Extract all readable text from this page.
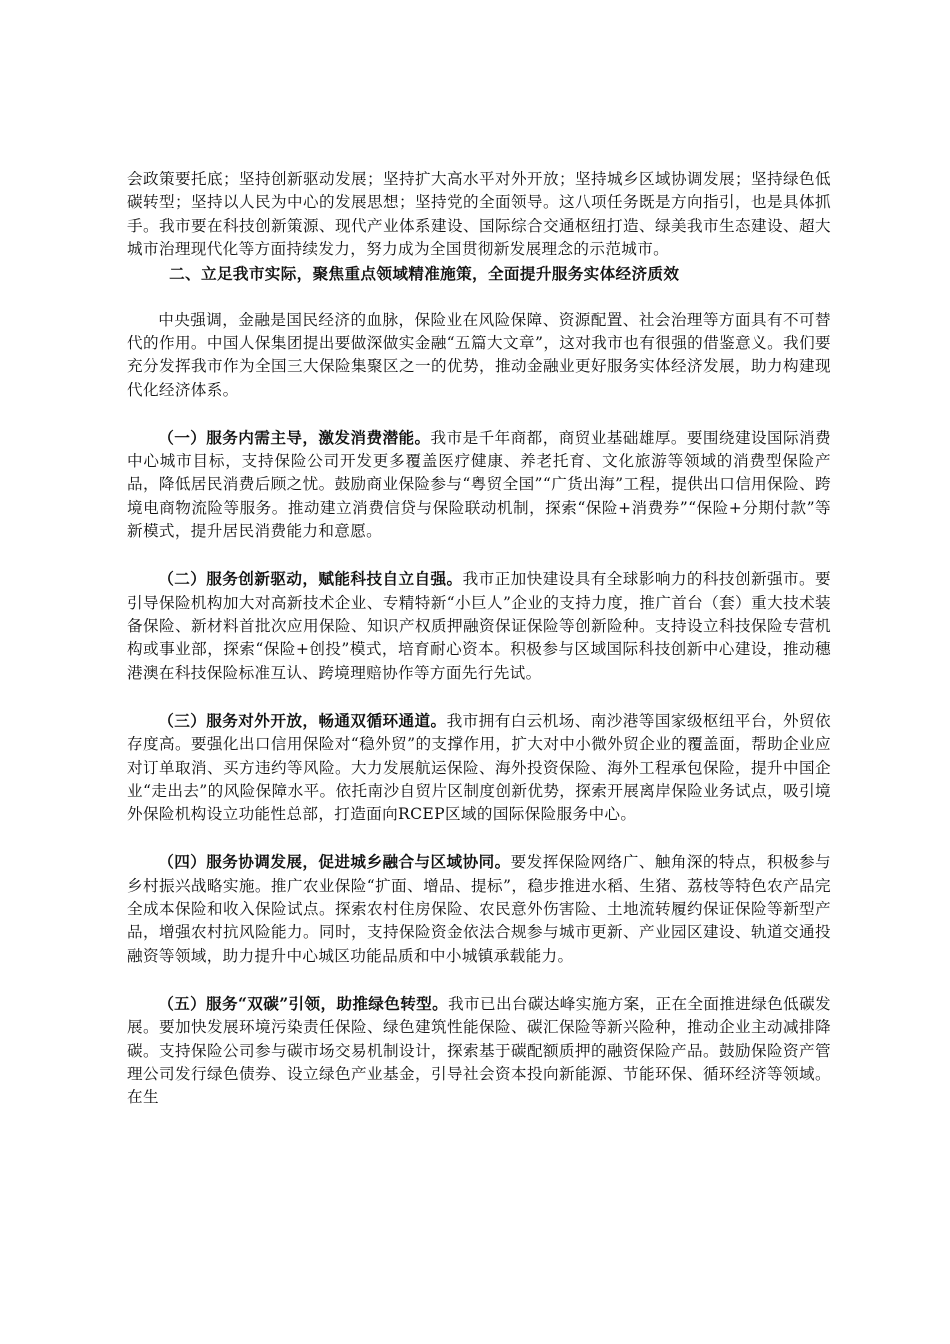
会政策要托底；坚持创新驱动发展；坚持扩大高水平对外开放；坚持城乡区域协调发展；坚持绿色低碳转型；坚持以人民为中心的发展思想；坚持党的全面领导。这八项任务既是方向指引，也是具体抓手。我市要在科技创新策源、现代产业体系建设、国际综合交通枢纽打造、绿美我市生态建设、超大城市治理现代化等方面持续发力，努力成为全国贯彻新发展理念的示范城市。

二、立足我市实际，聚焦重点领域精准施策，全面提升服务实体经济质效

中央强调，金融是国民经济的血脉，保险业在风险保障、资源配置、社会治理等方面具有不可替代的作用。中国人保集团提出要做深做实金融“五篇大文章”，这对我市也有很强的借鉴意义。我们要充分发挥我市作为全国三大保险集聚区之一的优势，推动金融业更好服务实体经济发展，助力构建现代化经济体系。

（一）服务内需主导，激发消费潜能。我市是千年商都，商贸业基础雄厚。要围绕建设国际消费中心城市目标，支持保险公司开发更多覆盖医疗健康、养老托育、文化旅游等领域的消费型保险产品，降低居民消费后顾之忧。鼓励商业保险参与“粤贸全国”“广货出海”工程，提供出口信用保险、跨境电商物流险等服务。推动建立消费信贷与保险联动机制，探索“保险+消费券”“保险+分期付款”等新模式，提升居民消费能力和意愿。

（二）服务创新驱动，赋能科技自立自强。我市正加快建设具有全球影响力的科技创新强市。要引导保险机构加大对高新技术企业、专精特新“小巨人”企业的支持力度，推广首台（套）重大技术装备保险、新材料首批次应用保险、知识产权质押融资保证保险等创新险种。支持设立科技保险专营机构或事业部，探索“保险+创投”模式，培育耐心资本。积极参与区域国际科技创新中心建设，推动穗港澳在科技保险标准互认、跨境理赔协作等方面先行先试。

（三）服务对外开放，畅通双循环通道。我市拥有白云机场、南沙港等国家级枢纽平台，外贸依存度高。要强化出口信用保险对“稳外贸”的支撑作用，扩大对中小微外贸企业的覆盖面，帮助企业应对订单取消、买方违约等风险。大力发展航运保险、海外投资保险、海外工程承包保险，提升中国企业“走出去”的风险保障水平。依托南沙自贸片区制度创新优势，探索开展离岸保险业务试点，吸引境外保险机构设立功能性总部，打造面向RCEP区域的国际保险服务中心。

（四）服务协调发展，促进城乡融合与区域协同。要发挥保险网络广、触角深的特点，积极参与乡村振兴战略实施。推广农业保险“扩面、增品、提标”，稳步推进水稻、生猪、荔枝等特色农产品完全成本保险和收入保险试点。探索农村住房保险、农民意外伤害险、土地流转履约保证保险等新型产品，增强农村抗风险能力。同时，支持保险资金依法合规参与城市更新、产业园区建设、轨道交通投融资等领域，助力提升中心城区功能品质和中小城镇承载能力。

（五）服务“双碳”引领，助推绿色转型。我市已出台碳达峰实施方案，正在全面推进绿色低碳发展。要加快发展环境污染责任保险、绿色建筑性能保险、碳汇保险等新兴险种，推动企业主动减排降碳。支持保险公司参与碳市场交易机制设计，探索基于碳配额质押的融资保险产品。鼓励保险资产管理公司发行绿色债券、设立绿色产业基金，引导社会资本投向新能源、节能环保、循环经济等领域。在生
